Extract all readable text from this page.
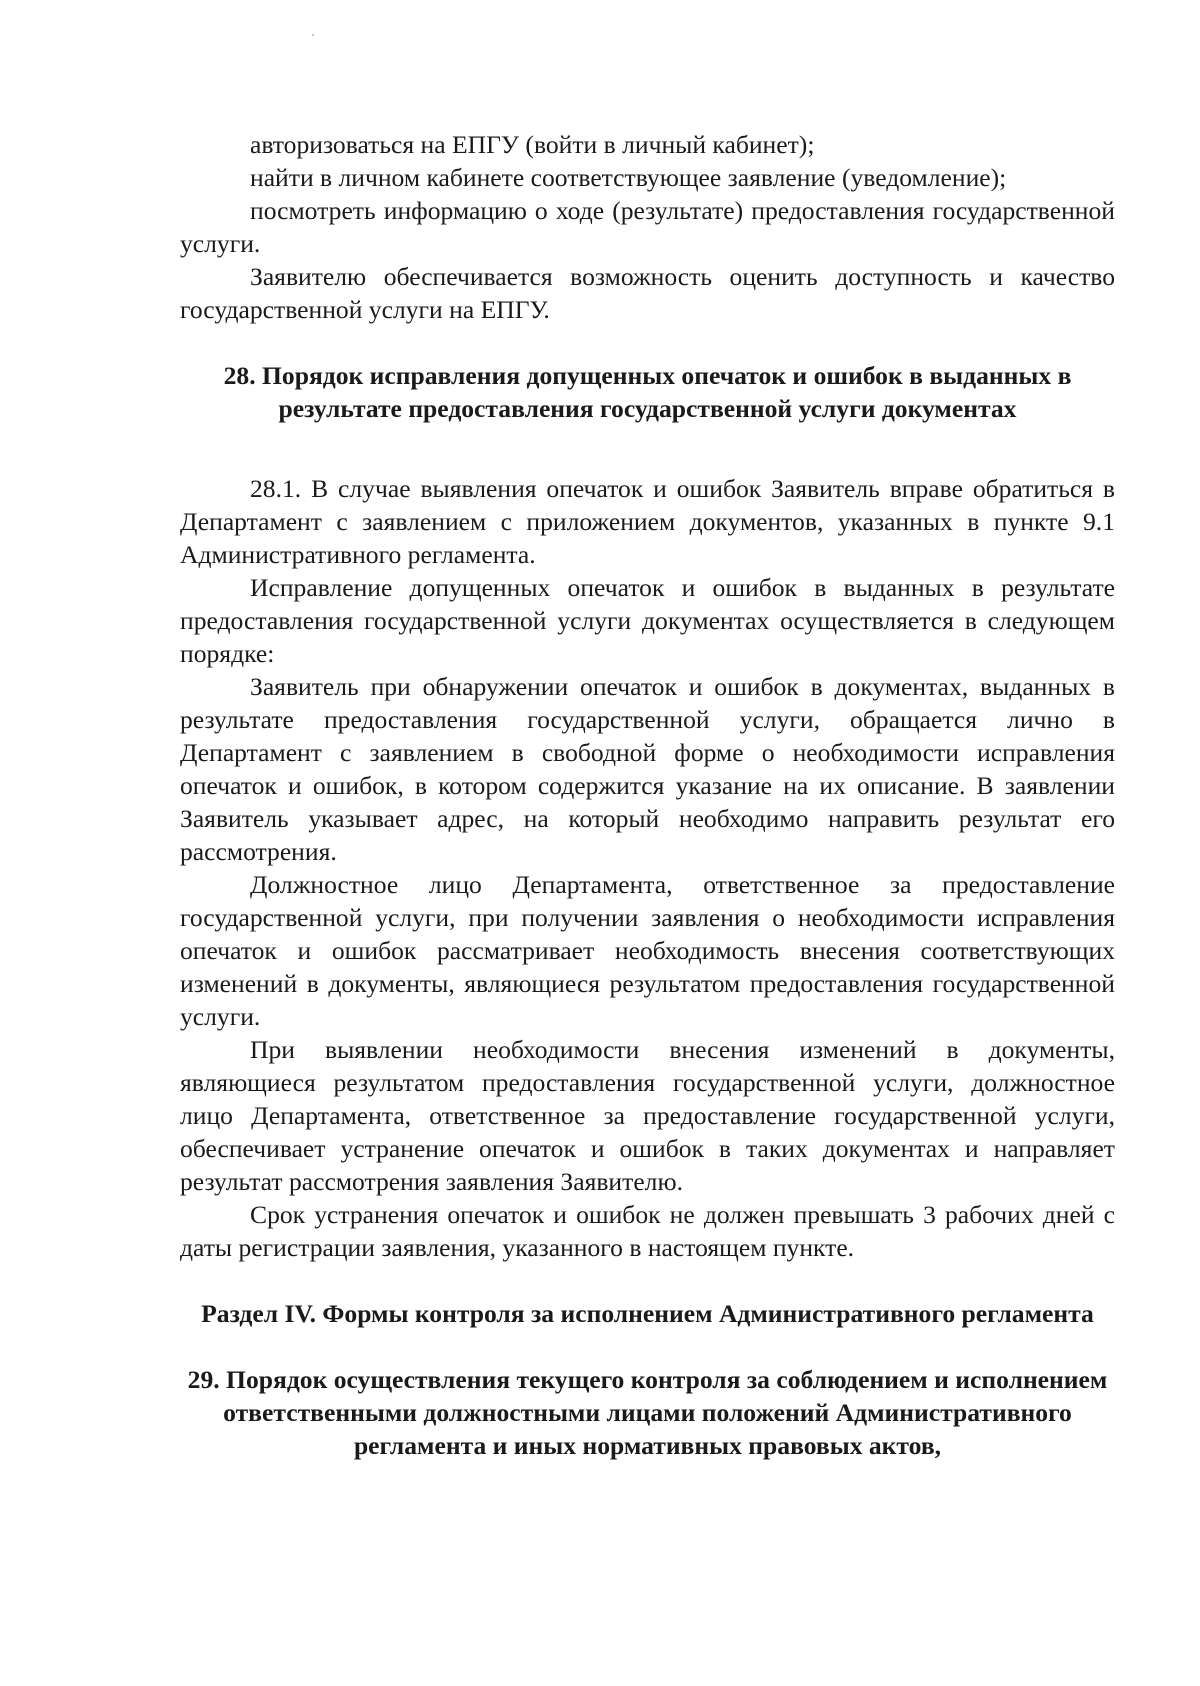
авторизоваться на ЕПГУ (войти в личный кабинет);

найти в личном кабинете соответствующее заявление (уведомление);

посмотреть информацию о ходе (результате) предоставления государственной услуги.

Заявителю обеспечивается возможность оценить доступность и качество государственной услуги на ЕПГУ.

28. Порядок исправления допущенных опечаток и ошибок в выданных в результате предоставления государственной услуги документах

28.1. В случае выявления опечаток и ошибок Заявитель вправе обратиться в Департамент с заявлением с приложением документов, указанных в пункте 9.1 Административного регламента.

Исправление допущенных опечаток и ошибок в выданных в результате предоставления государственной услуги документах осуществляется в следующем порядке:

Заявитель при обнаружении опечаток и ошибок в документах, выданных в результате предоставления государственной услуги, обращается лично в Департамент с заявлением в свободной форме о необходимости исправления опечаток и ошибок, в котором содержится указание на их описание. В заявлении Заявитель указывает адрес, на который необходимо направить результат его рассмотрения.

Должностное лицо Департамента, ответственное за предоставление государственной услуги, при получении заявления о необходимости исправления опечаток и ошибок рассматривает необходимость внесения соответствующих изменений в документы, являющиеся результатом предоставления государственной услуги.

При выявлении необходимости внесения изменений в документы, являющиеся результатом предоставления государственной услуги, должностное лицо Департамента, ответственное за предоставление государственной услуги, обеспечивает устранение опечаток и ошибок в таких документах и направляет результат рассмотрения заявления Заявителю.

Срок устранения опечаток и ошибок не должен превышать 3 рабочих дней с даты регистрации заявления, указанного в настоящем пункте.

Раздел IV. Формы контроля за исполнением Административного регламента

29. Порядок осуществления текущего контроля за соблюдением и исполнением ответственными должностными лицами положений Административного регламента и иных нормативных правовых актов,
